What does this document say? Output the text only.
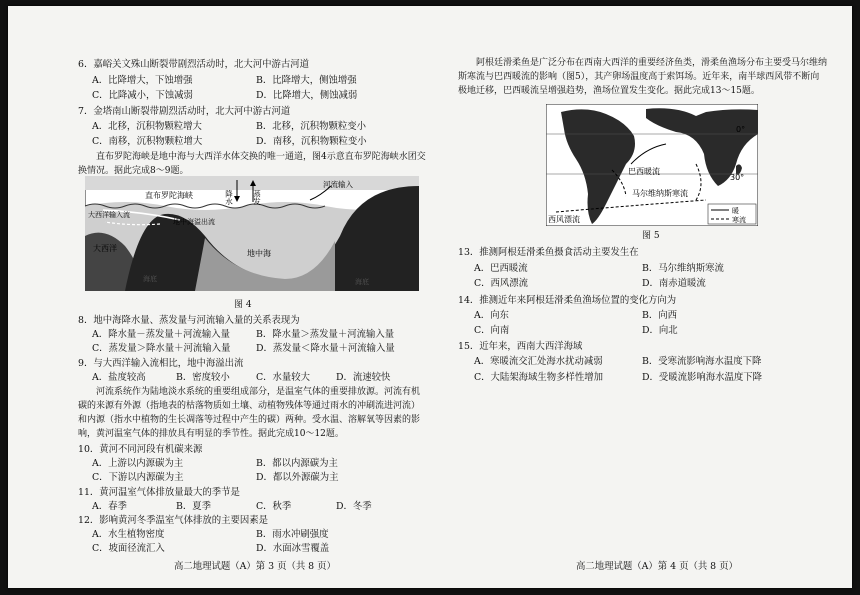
6．嘉峪关文殊山断裂带剧烈活动时，北大河中游古河道
A．比降增大，下蚀增强	B．比降增大，侧蚀增强
C．比降减小，下蚀减弱	D．比降增大，侧蚀减弱
7．金塔南山断裂带剧烈活动时，北大河中游古河道
A．北移，沉积物颗粒增大	B．北移，沉积物颗粒变小
C．南移，沉积物颗粒增大	D．南移，沉积物颗粒变小
直布罗陀海峡是地中海与大西洋水体交换的唯一通道，图4示意直布罗陀海峡水团交换情况。据此完成8～9题。
直布罗陀海峡	降水	蒸发
河流输入
大西洋输入流
地中海溢出流
大西洋
地中海
海底	海底
图 4
8．地中海降水量、蒸发量与河流输入量的关系表现为
A．降水量－蒸发量＋河流输入量	B．降水量＞蒸发量＋河流输入量
C．蒸发量＞降水量＋河流输入量	D．蒸发量＜降水量＋河流输入量
9．与大西洋输入流相比，地中海溢出流
A．盐度较高	B．密度较小	C．水量较大	D．流速较快
河流系统作为陆地淡水系统的重要组成部分，是温室气体的重要排放源。河流有机碳的来源有外源（指地表的枯落物质如土壤、动植物残体等通过雨水的冲刷流进河流）和内源（指水中植物的生长凋落等过程中产生的碳）两种。受水温、溶解氧等因素的影响，黄河温室气体的排放具有明显的季节性。据此完成10～12题。
10．黄河不同河段有机碳来源
A．上游以内源碳为主	B．都以内源碳为主
C．下游以内源碳为主	D．都以外源碳为主
11．黄河温室气体排放量最大的季节是
A．春季	B．夏季	C．秋季	D．冬季
12．影响黄河冬季温室气体排放的主要因素是
A．水生植物密度	B．雨水冲刷强度
C．坡面径流汇入	D．水面冰雪覆盖
高二地理试题（A）第 3 页（共 8 页）
阿根廷滑柔鱼是广泛分布在西南大西洋的重要经济鱼类，滑柔鱼渔场分布主要受马尔维纳斯寒流与巴西暖流的影响（图5），其产卵场温度高于索饵场。近年来，南半球西风带不断向极地迁移，巴西暖流呈增强趋势，渔场位置发生变化。据此完成13～15题。
0°
30°
巴西暖流
马尔维纳斯寒流
西风漂流
暖
寒流
图 5
13．推测阿根廷滑柔鱼摄食活动主要发生在
A．巴西暖流	B．马尔维纳斯寒流
C．西风漂流	D．南赤道暖流
14．推测近年来阿根廷滑柔鱼渔场位置的变化方向为
A．向东	B．向西
C．向南	D．向北
15．近年来，西南大西洋海域
A．寒暖流交汇处海水扰动减弱	B．受寒流影响海水温度下降
C．大陆架海域生物多样性增加	D．受暖流影响海水温度下降
高二地理试题（A）第 4 页（共 8 页）
